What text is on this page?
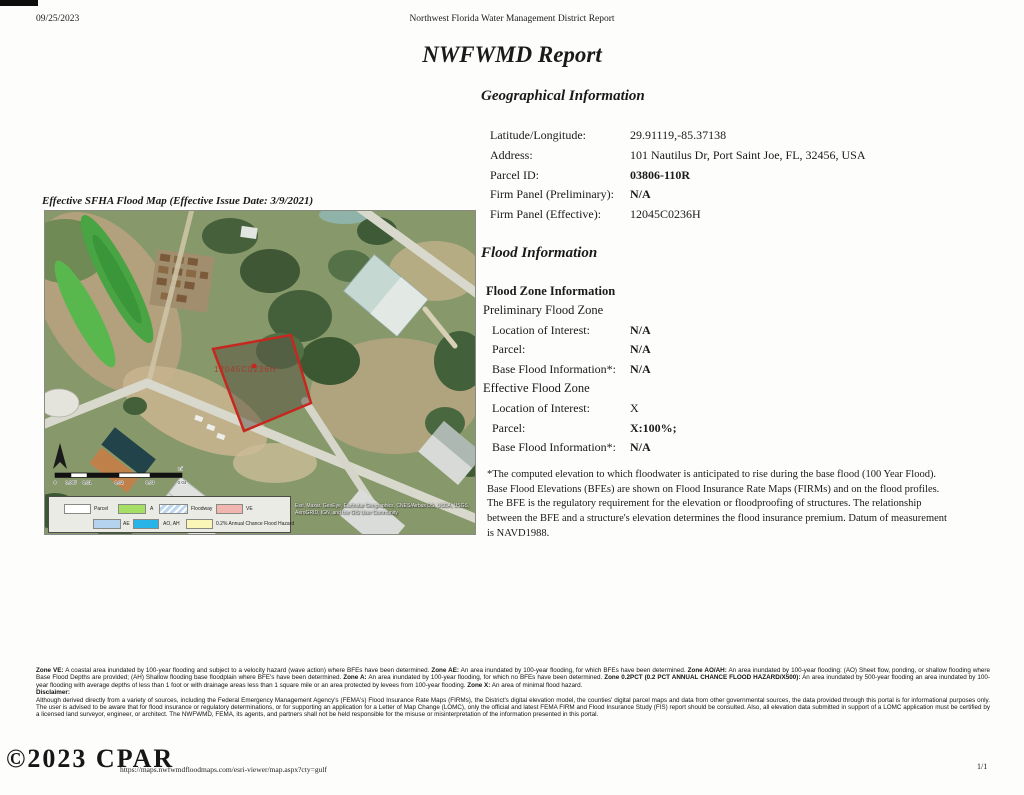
09/25/2023	Northwest Florida Water Management District Report
NWFWMD Report
Geographical Information
Latitude/Longitude:	29.91119,-85.37138
Address:	101 Nautilus Dr, Port Saint Joe, FL, 32456, USA
Parcel ID:	03806-110R
Firm Panel (Preliminary): N/A
Firm Panel (Effective): 12045C0236H
Flood Information
Flood Zone Information
Preliminary Flood Zone
Location of Interest:	N/A
Parcel:	N/A
Base Flood Information*: N/A
Effective Flood Zone
Location of Interest:	X
Parcel:	X:100%;
Base Flood Information*: N/A
*The computed elevation to which floodwater is anticipated to rise during the base flood (100 Year Flood). Base Flood Elevations (BFEs) are shown on Flood Insurance Rate Maps (FIRMs) and on the flood profiles. The BFE is the regulatory requirement for the elevation or floodproofing of structures. The relationship between the BFE and a structure's elevation determines the flood insurance premium. Datum of measurement is NAVD1988.
Effective SFHA Flood Map (Effective Issue Date: 3/9/2021)
12045C0236H
0 0.005 0.01	0.02	0.03	0.04
mi
Esri, Maxar, GeoEye, Earthstar Geographics, CNES/Airbus DS, USDA, USGS, AeroGRID, IGN, and the GIS User Community
Parcel	A	Floodway	VE
AE	AO, AH	0.2% Annual Chance Flood Hazard
Zone VE: A coastal area inundated by 100-year flooding and subject to a velocity hazard (wave action) where BFEs have been determined. Zone AE: An area inundated by 100-year flooding, for which BFEs have been determined. Zone AO/AH: An area inundated by 100-year flooding: (AO) Sheet flow, ponding, or shallow flooding where Base Flood Depths are provided; (AH) Shallow flooding base floodplain where BFE's have been determined. Zone A: An area inundated by 100-year flooding, for which no BFEs have been determined. Zone 0.2PCT (0.2 PCT ANNUAL CHANCE FLOOD HAZARD/X500): An area inundated by 500-year flooding an area inundated by 100-year flooding with average depths of less than 1 foot or with drainage areas less than 1 square mile or an area protected by levees from 100-year flooding. Zone X: An area of minimal flood hazard.
Disclaimer:
Although derived directly from a variety of sources, including the Federal Emergency Management Agency's (FEMA's) Flood Insurance Rate Maps (FIRMs), the District's digital elevation model, the counties' digital parcel maps and data from other governmental sources, the data provided through this portal is for informational purposes only. The user is advised to be aware that for flood insurance or regulatory determinations, or for supporting an application for a Letter of Map Change (LOMC), only the official and latest FEMA FIRM and Flood Insurance Study (FIS) report should be consulted. Also, all elevation data submitted in support of a LOMC application must be certified by a licensed land surveyor, engineer, or architect. The NWFWMD, FEMA, its agents, and partners shall not be held responsible for the misuse or misinterpretation of the information presented in this portal.
©2023 CPAR
https://maps.nwfwmdfloodmaps.com/esri-viewer/map.aspx?cty=gulf	1/1
